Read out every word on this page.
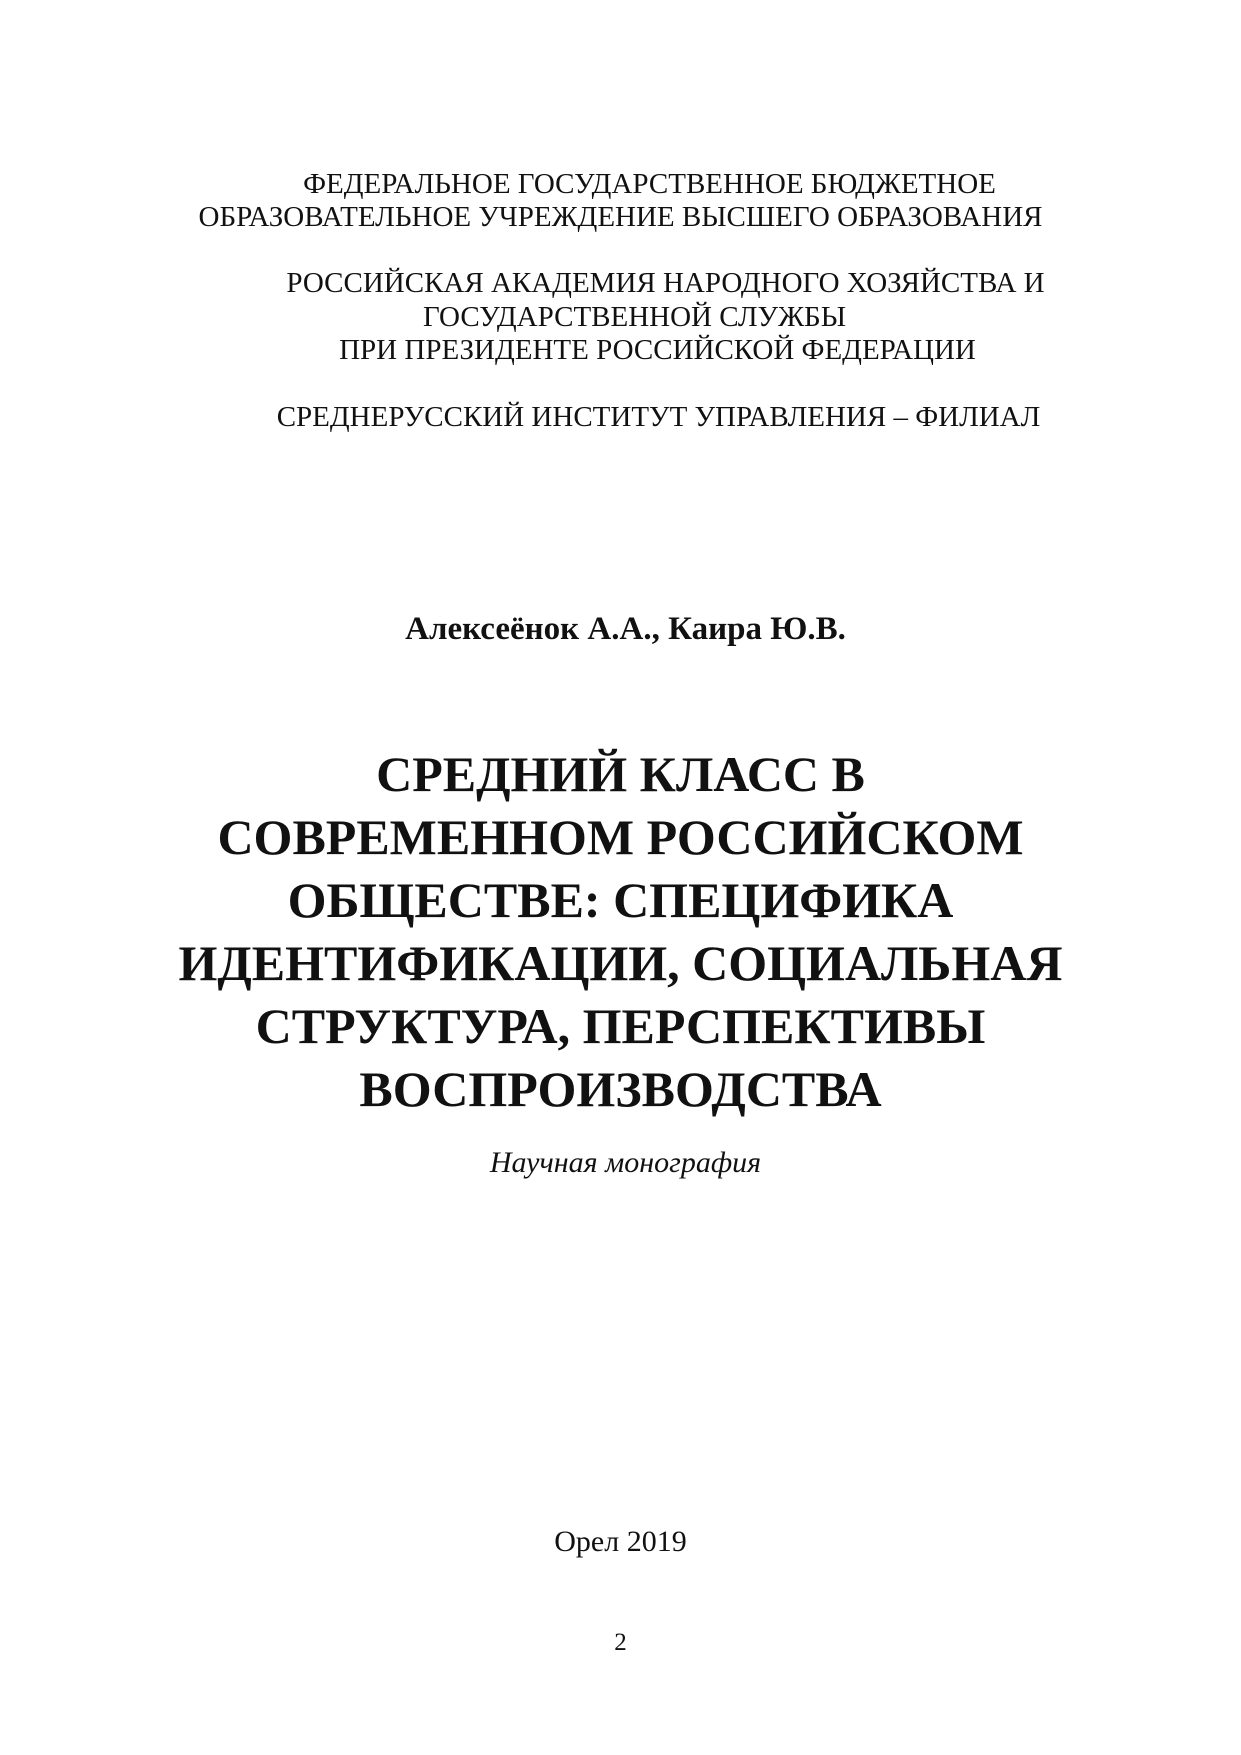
ФЕДЕРАЛЬНОЕ ГОСУДАРСТВЕННОЕ БЮДЖЕТНОЕ

ОБРАЗОВАТЕЛЬНОЕ УЧРЕЖДЕНИЕ ВЫСШЕГО ОБРАЗОВАНИЯ

РОССИЙСКАЯ АКАДЕМИЯ НАРОДНОГО ХОЗЯЙСТВА И

ГОСУДАРСТВЕННОЙ СЛУЖБЫ

ПРИ ПРЕЗИДЕНТЕ РОССИЙСКОЙ ФЕДЕРАЦИИ

СРЕДНЕРУССКИЙ ИНСТИТУТ УПРАВЛЕНИЯ – ФИЛИАЛ

Алексеёнок А.А., Каира Ю.В.

СРЕДНИЙ КЛАСС В

СОВРЕМЕННОМ РОССИЙСКОМ

ОБЩЕСТВЕ: СПЕЦИФИКА

ИДЕНТИФИКАЦИИ, СОЦИАЛЬНАЯ

СТРУКТУРА, ПЕРСПЕКТИВЫ

ВОСПРОИЗВОДСТВА

Научная монография

Орел 2019

2
